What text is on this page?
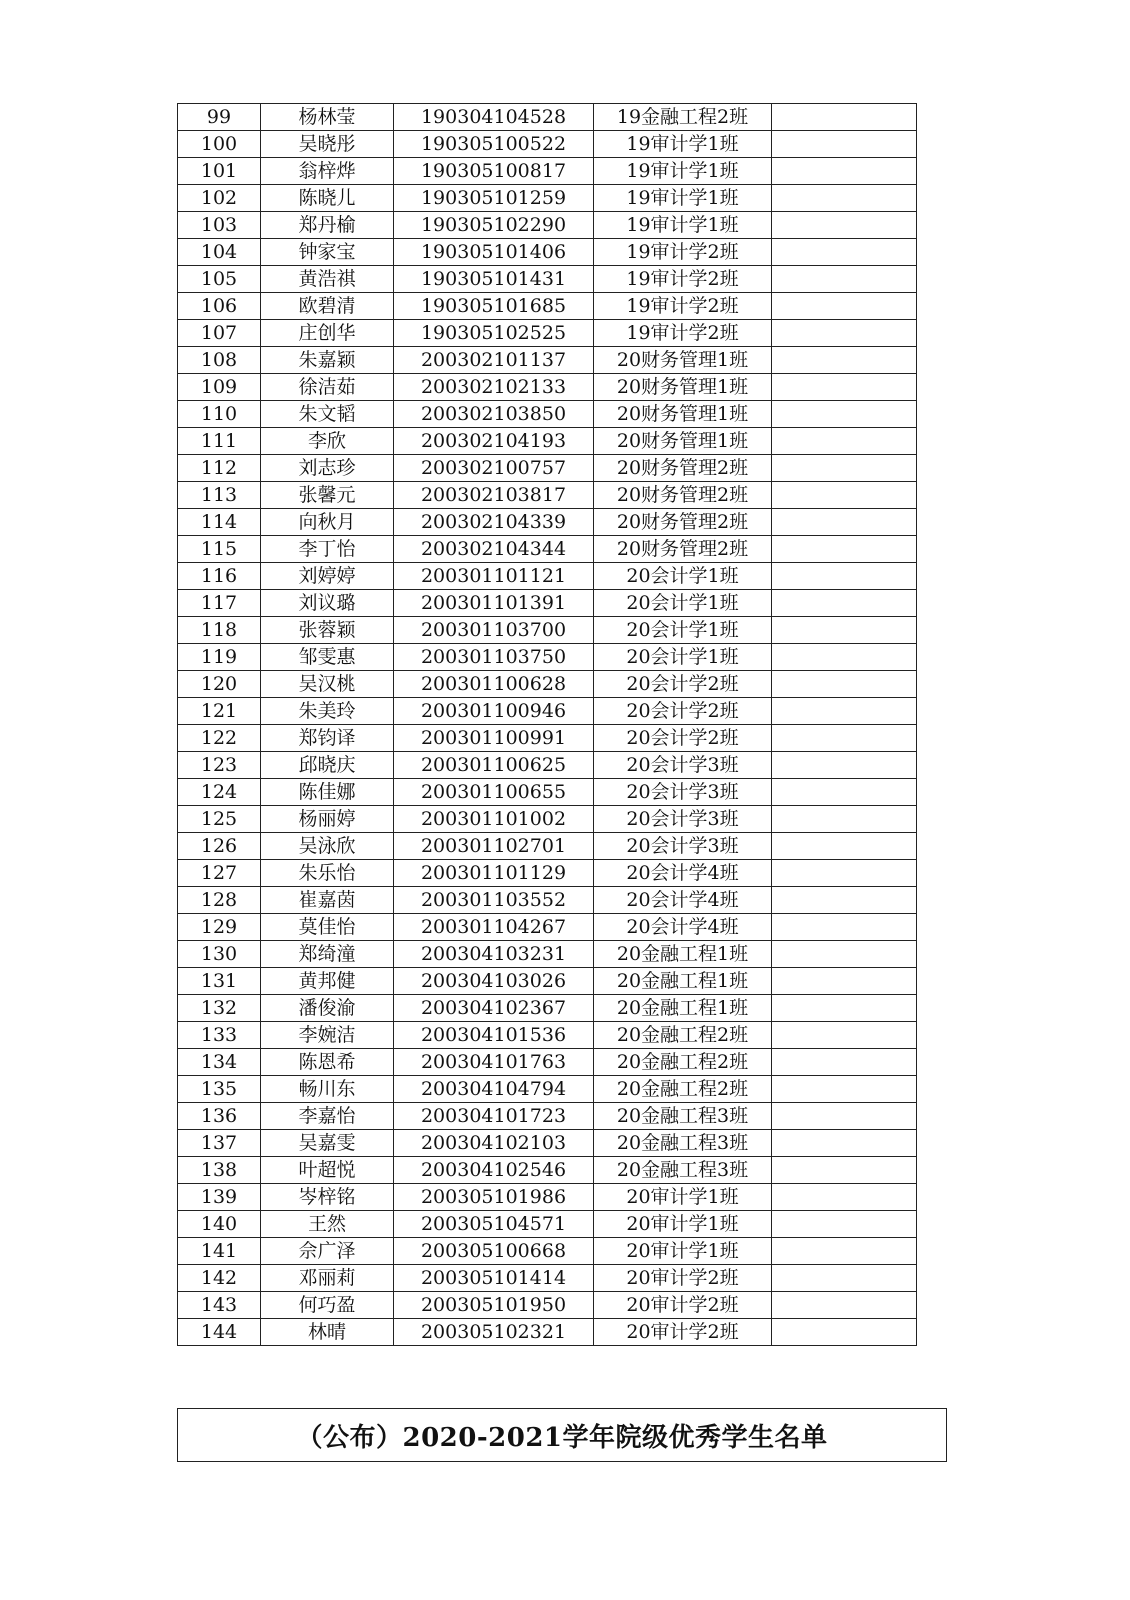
99	杨林莹	190304104528	19金融工程2班	
100	吴晓彤	190305100522	19审计学1班	
101	翁梓烨	190305100817	19审计学1班	
102	陈晓儿	190305101259	19审计学1班	
103	郑丹榆	190305102290	19审计学1班	
104	钟家宝	190305101406	19审计学2班	
105	黄浩祺	190305101431	19审计学2班	
106	欧碧清	190305101685	19审计学2班	
107	庄创华	190305102525	19审计学2班	
108	朱嘉颖	200302101137	20财务管理1班	
109	徐洁茹	200302102133	20财务管理1班	
110	朱文韬	200302103850	20财务管理1班	
111	李欣	200302104193	20财务管理1班	
112	刘志珍	200302100757	20财务管理2班	
113	张馨元	200302103817	20财务管理2班	
114	向秋月	200302104339	20财务管理2班	
115	李丁怡	200302104344	20财务管理2班	
116	刘婷婷	200301101121	20会计学1班	
117	刘议璐	200301101391	20会计学1班	
118	张蓉颖	200301103700	20会计学1班	
119	邹雯惠	200301103750	20会计学1班	
120	吴汉桃	200301100628	20会计学2班	
121	朱美玲	200301100946	20会计学2班	
122	郑钧译	200301100991	20会计学2班	
123	邱晓庆	200301100625	20会计学3班	
124	陈佳娜	200301100655	20会计学3班	
125	杨丽婷	200301101002	20会计学3班	
126	吴泳欣	200301102701	20会计学3班	
127	朱乐怡	200301101129	20会计学4班	
128	崔嘉茵	200301103552	20会计学4班	
129	莫佳怡	200301104267	20会计学4班	
130	郑绮潼	200304103231	20金融工程1班	
131	黄邦健	200304103026	20金融工程1班	
132	潘俊渝	200304102367	20金融工程1班	
133	李婉洁	200304101536	20金融工程2班	
134	陈恩希	200304101763	20金融工程2班	
135	畅川东	200304104794	20金融工程2班	
136	李嘉怡	200304101723	20金融工程3班	
137	吴嘉雯	200304102103	20金融工程3班	
138	叶超悦	200304102546	20金融工程3班	
139	岑梓铭	200305101986	20审计学1班	
140	王然	200305104571	20审计学1班	
141	佘广泽	200305100668	20审计学1班	
142	邓丽莉	200305101414	20审计学2班	
143	何巧盈	200305101950	20审计学2班	
144	林晴	200305102321	20审计学2班	
（公布）2020-2021学年院级优秀学生名单
